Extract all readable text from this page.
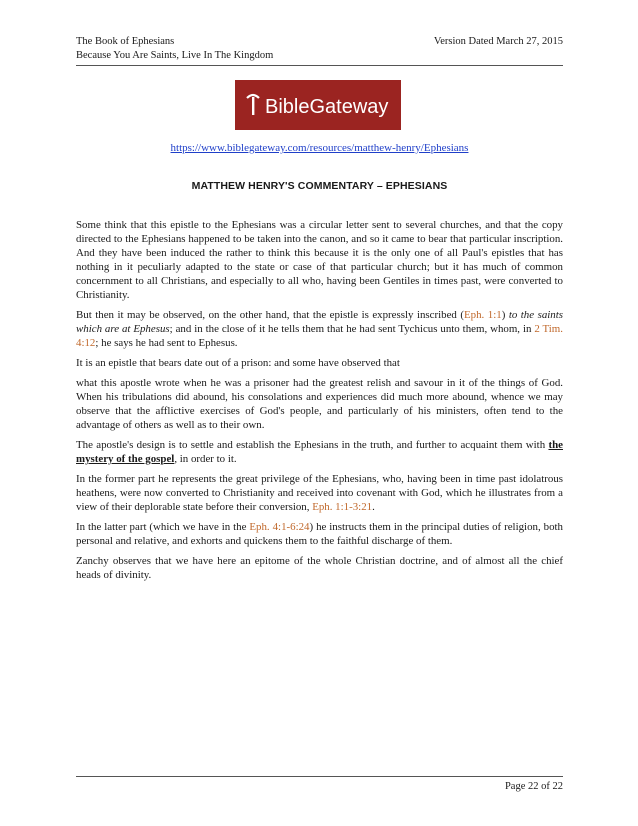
The Book of Ephesians	Version Dated March 27, 2015
Because You Are Saints, Live In The Kingdom
BibleGateway
https://www.biblegateway.com/resources/matthew-henry/Ephesians
MATTHEW HENRY'S COMMENTARY – EPHESIANS

Some think that this epistle to the Ephesians was a circular letter sent to several churches, and that the copy directed to the Ephesians happened to be taken into the canon, and so it came to bear that particular inscription. And they have been induced the rather to think this because it is the only one of all Paul's epistles that has nothing in it peculiarly adapted to the state or case of that particular church; but it has much of common concernment to all Christians, and especially to all who, having been Gentiles in times past, were converted to Christianity.

But then it may be observed, on the other hand, that the epistle is expressly inscribed (Eph. 1:1) to the saints which are at Ephesus; and in the close of it he tells them that he had sent Tychicus unto them, whom, in 2 Tim. 4:12; he says he had sent to Ephesus.

It is an epistle that bears date out of a prison: and some have observed that

what this apostle wrote when he was a prisoner had the greatest relish and savour in it of the things of God. When his tribulations did abound, his consolations and experiences did much more abound, whence we may observe that the afflictive exercises of God's people, and particularly of his ministers, often tend to the advantage of others as well as to their own.

The apostle's design is to settle and establish the Ephesians in the truth, and further to acquaint them with the mystery of the gospel, in order to it.

In the former part he represents the great privilege of the Ephesians, who, having been in time past idolatrous heathens, were now converted to Christianity and received into covenant with God, which he illustrates from a view of their deplorable state before their conversion, Eph. 1:1-3:21.

In the latter part (which we have in the Eph. 4:1-6:24) he instructs them in the principal duties of religion, both personal and relative, and exhorts and quickens them to the faithful discharge of them.

Zanchy observes that we have here an epitome of the whole Christian doctrine, and of almost all the chief heads of divinity.

Page 22 of 22
